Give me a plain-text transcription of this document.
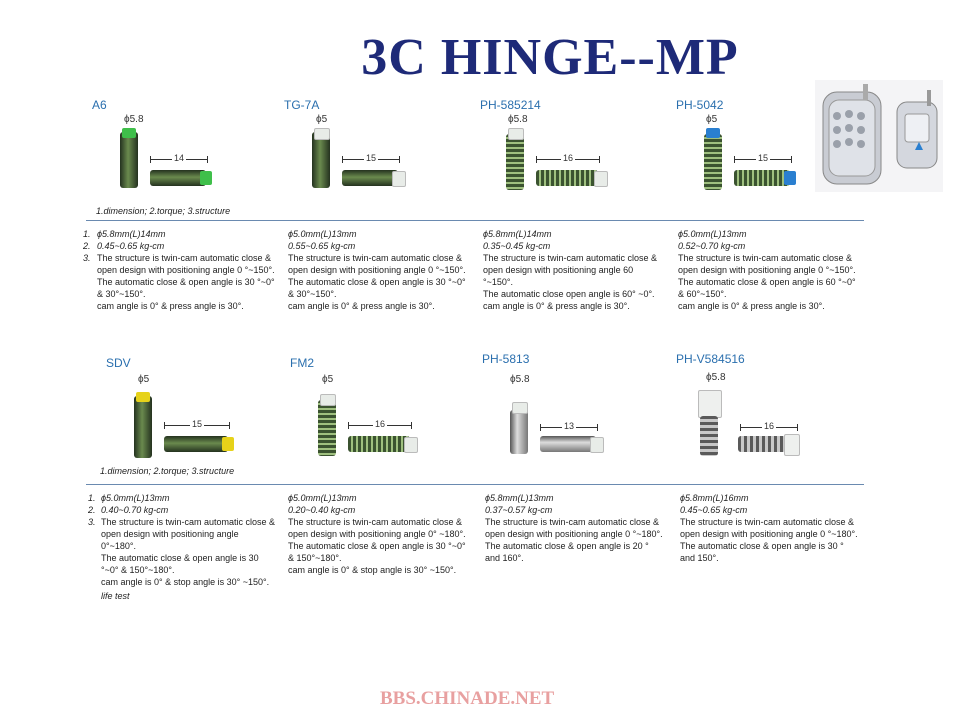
3C HINGE--MP
A6
ϕ5.8
14
TG-7A
ϕ5
15
PH-585214
ϕ5.8
16
PH-5042
ϕ5
15
1.dimension; 2.torque; 3.structure
1.
2.
3.
ϕ5.8mm(L)14mm
0.45~0.65 kg-cm
The structure is twin-cam automatic close & open design with positioning angle 0 °~150°.
The automatic close & open angle is 30 °~0° & 30°~150°.
cam angle is 0° & press angle is 30°.
ϕ5.0mm(L)13mm
0.55~0.65 kg-cm
The structure is twin-cam automatic close & open design with positioning angle 0 °~150°.
The automatic close & open angle is 30 °~0° & 30°~150°.
cam angle is 0° & press angle is 30°.
ϕ5.8mm(L)14mm
0.35~0.45 kg-cm
The structure is twin-cam automatic close & open design with positioning angle 60 °~150°.
The automatic close open angle is 60° ~0°.
cam angle is 0° & press angle is 30°.
ϕ5.0mm(L)13mm
0.52~0.70 kg-cm
The structure is twin-cam automatic close & open design with positioning angle 0 °~150°.
The automatic close & open angle is 60 °~0° & 60°~150°.
cam angle is 0° & press angle is 30°.
SDV
ϕ5
15
FM2
ϕ5
16
PH-5813
ϕ5.8
13
PH-V584516
ϕ5.8
16
1.dimension; 2.torque; 3.structure
1.
2.
3.
ϕ5.0mm(L)13mm
0.40~0.70 kg-cm
The structure is twin-cam automatic close & open design with positioning angle 0°~180°.
The automatic close & open angle is 30 °~0° & 150°~180°.
cam angle is 0° & stop angle is 30° ~150°.
life test
ϕ5.0mm(L)13mm
0.20~0.40 kg-cm
The structure is twin-cam automatic close & open design with positioning angle 0° ~180°.
The automatic close & open angle is 30 °~0° & 150°~180°.
cam angle is 0° & stop angle is 30° ~150°.
ϕ5.8mm(L)13mm
0.37~0.57 kg-cm
The structure is twin-cam automatic close & open design with positioning angle 0 °~180°.
The automatic close & open angle is 20 ° and 160°.
ϕ5.8mm(L)16mm
0.45~0.65 kg-cm
The structure is twin-cam automatic close & open design with positioning angle 0 °~180°.
The automatic close & open angle is 30 ° and 150°.
BBS.CHINADE.NET
